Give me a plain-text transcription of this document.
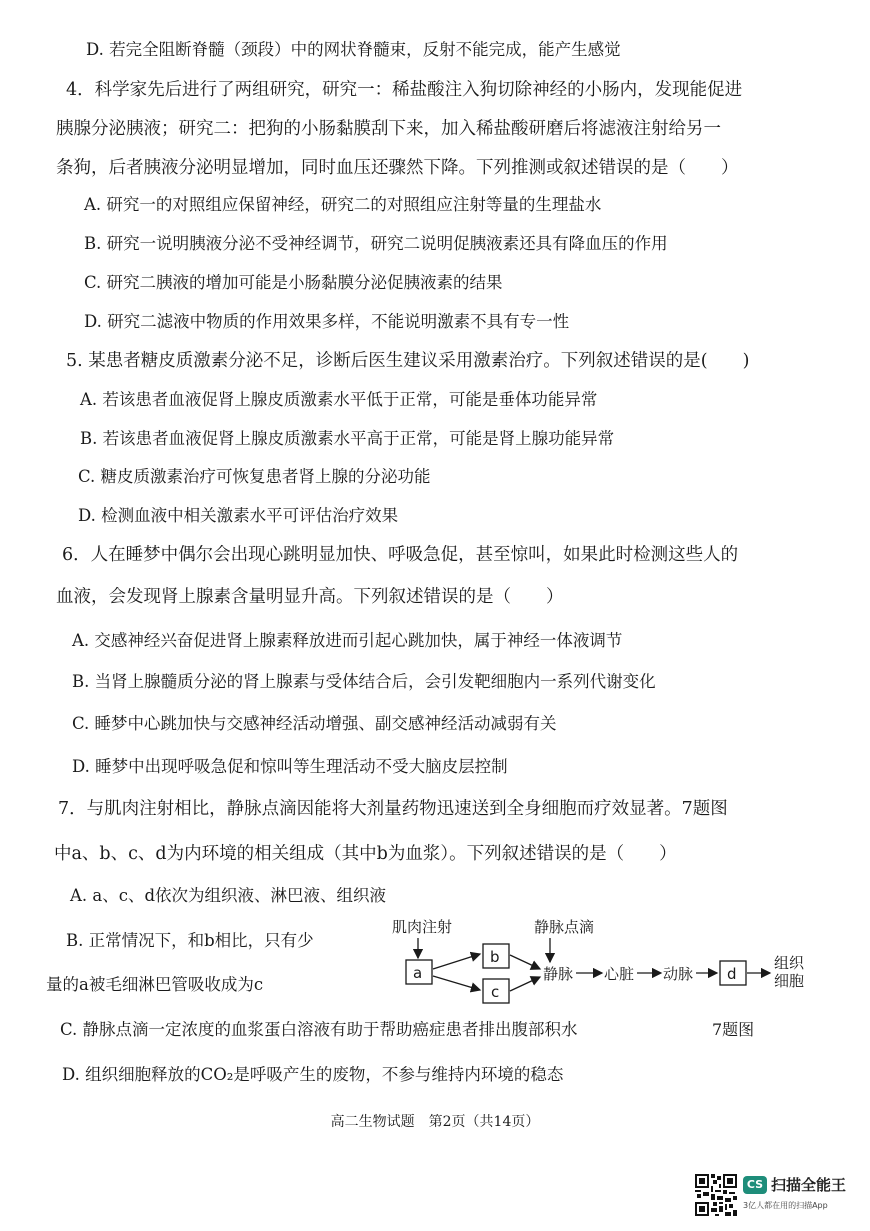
D. 若完全阻断脊髓（颈段）中的网状脊髓束，反射不能完成，能产生感觉
4．科学家先后进行了两组研究，研究一：稀盐酸注入狗切除神经的小肠内，发现能促进
胰腺分泌胰液；研究二：把狗的小肠黏膜刮下来，加入稀盐酸研磨后将滤液注射给另一
条狗，后者胰液分泌明显增加，同时血压还骤然下降。下列推测或叙述错误的是（　　）
A. 研究一的对照组应保留神经，研究二的对照组应注射等量的生理盐水
B. 研究一说明胰液分泌不受神经调节，研究二说明促胰液素还具有降血压的作用
C. 研究二胰液的增加可能是小肠黏膜分泌促胰液素的结果
D. 研究二滤液中物质的作用效果多样，不能说明激素不具有专一性
5. 某患者糖皮质激素分泌不足，诊断后医生建议采用激素治疗。下列叙述错误的是(　　)
A. 若该患者血液促肾上腺皮质激素水平低于正常，可能是垂体功能异常
B. 若该患者血液促肾上腺皮质激素水平高于正常，可能是肾上腺功能异常
C. 糖皮质激素治疗可恢复患者肾上腺的分泌功能
D. 检测血液中相关激素水平可评估治疗效果
6．人在睡梦中偶尔会出现心跳明显加快、呼吸急促，甚至惊叫，如果此时检测这些人的
血液，会发现肾上腺素含量明显升高。下列叙述错误的是（　　）
A. 交感神经兴奋促进肾上腺素释放进而引起心跳加快，属于神经一体液调节
B. 当肾上腺髓质分泌的肾上腺素与受体结合后，会引发靶细胞内一系列代谢变化
C. 睡梦中心跳加快与交感神经活动增强、副交感神经活动减弱有关
D. 睡梦中出现呼吸急促和惊叫等生理活动不受大脑皮层控制
7．与肌肉注射相比，静脉点滴因能将大剂量药物迅速送到全身细胞而疗效显著。7题图
中a、b、c、d为内环境的相关组成（其中b为血浆）。下列叙述错误的是（　　）
A. a、c、d依次为组织液、淋巴液、组织液
B. 正常情况下，和b相比，只有少
量的a被毛细淋巴管吸收成为c
C. 静脉点滴一定浓度的血浆蛋白溶液有助于帮助癌症患者排出腹部积水
D. 组织细胞释放的CO₂是呼吸产生的废物，不参与维持内环境的稳态
肌肉注射	静脉点滴
a
b
c
静脉 心脏 动脉 d
组织
细胞
7题图
高二生物试题　第2页（共14页）
CS 扫描全能王
3亿人都在用的扫描App
